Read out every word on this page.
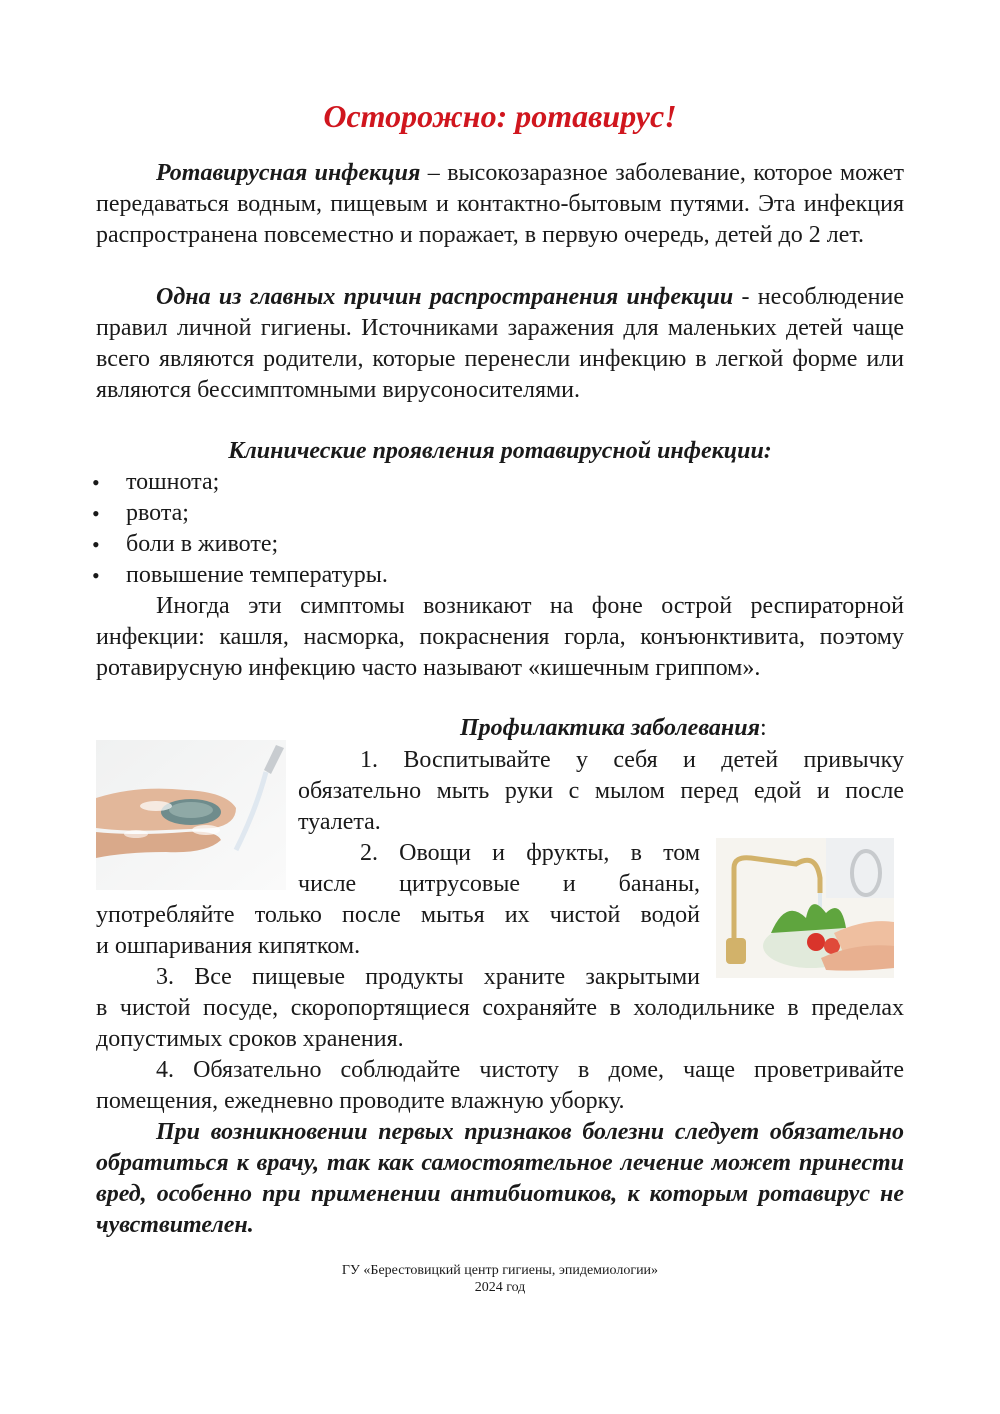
Осторожно: ротавирус!
Ротавирусная инфекция – высокозаразное заболевание, которое может передаваться водным, пищевым и контактно-бытовым путями. Эта инфекция распространена повсеместно и поражает, в первую очередь, детей до 2 лет.
Одна из главных причин распространения инфекции - несоблюдение правил личной гигиены. Источниками заражения для маленьких детей чаще всего являются родители, которые перенесли инфекцию в легкой форме или являются бессимптомными вирусоносителями.
Клинические проявления ротавирусной инфекции:
• тошнота;
• рвота;
• боли в животе;
• повышение температуры.
Иногда эти симптомы возникают на фоне острой респираторной инфекции: кашля, насморка, покраснения горла, конъюнктивита, поэтому ротавирусную инфекцию часто называют «кишечным гриппом».
Профилактика заболевания:
1. Воспитывайте у себя и детей привычку обязательно мыть руки с мылом перед едой и после туалета.
2. Овощи и фрукты, в том
числе цитрусовые и бананы,
употребляйте только после мытья их чистой водой
и ошпаривания кипятком.
3. Все пищевые продукты храните закрытыми
в чистой посуде, скоропортящиеся сохраняйте в холодильнике в пределах допустимых сроков хранения.
4. Обязательно соблюдайте чистоту в доме, чаще проветривайте помещения, ежедневно проводите влажную уборку.
При возникновении первых признаков болезни следует обязательно обратиться к врачу, так как самостоятельное лечение может принести вред, особенно при применении антибиотиков, к которым ротавирус не чувствителен.
ГУ «Берестовицкий центр гигиены, эпидемиологии»
2024 год
